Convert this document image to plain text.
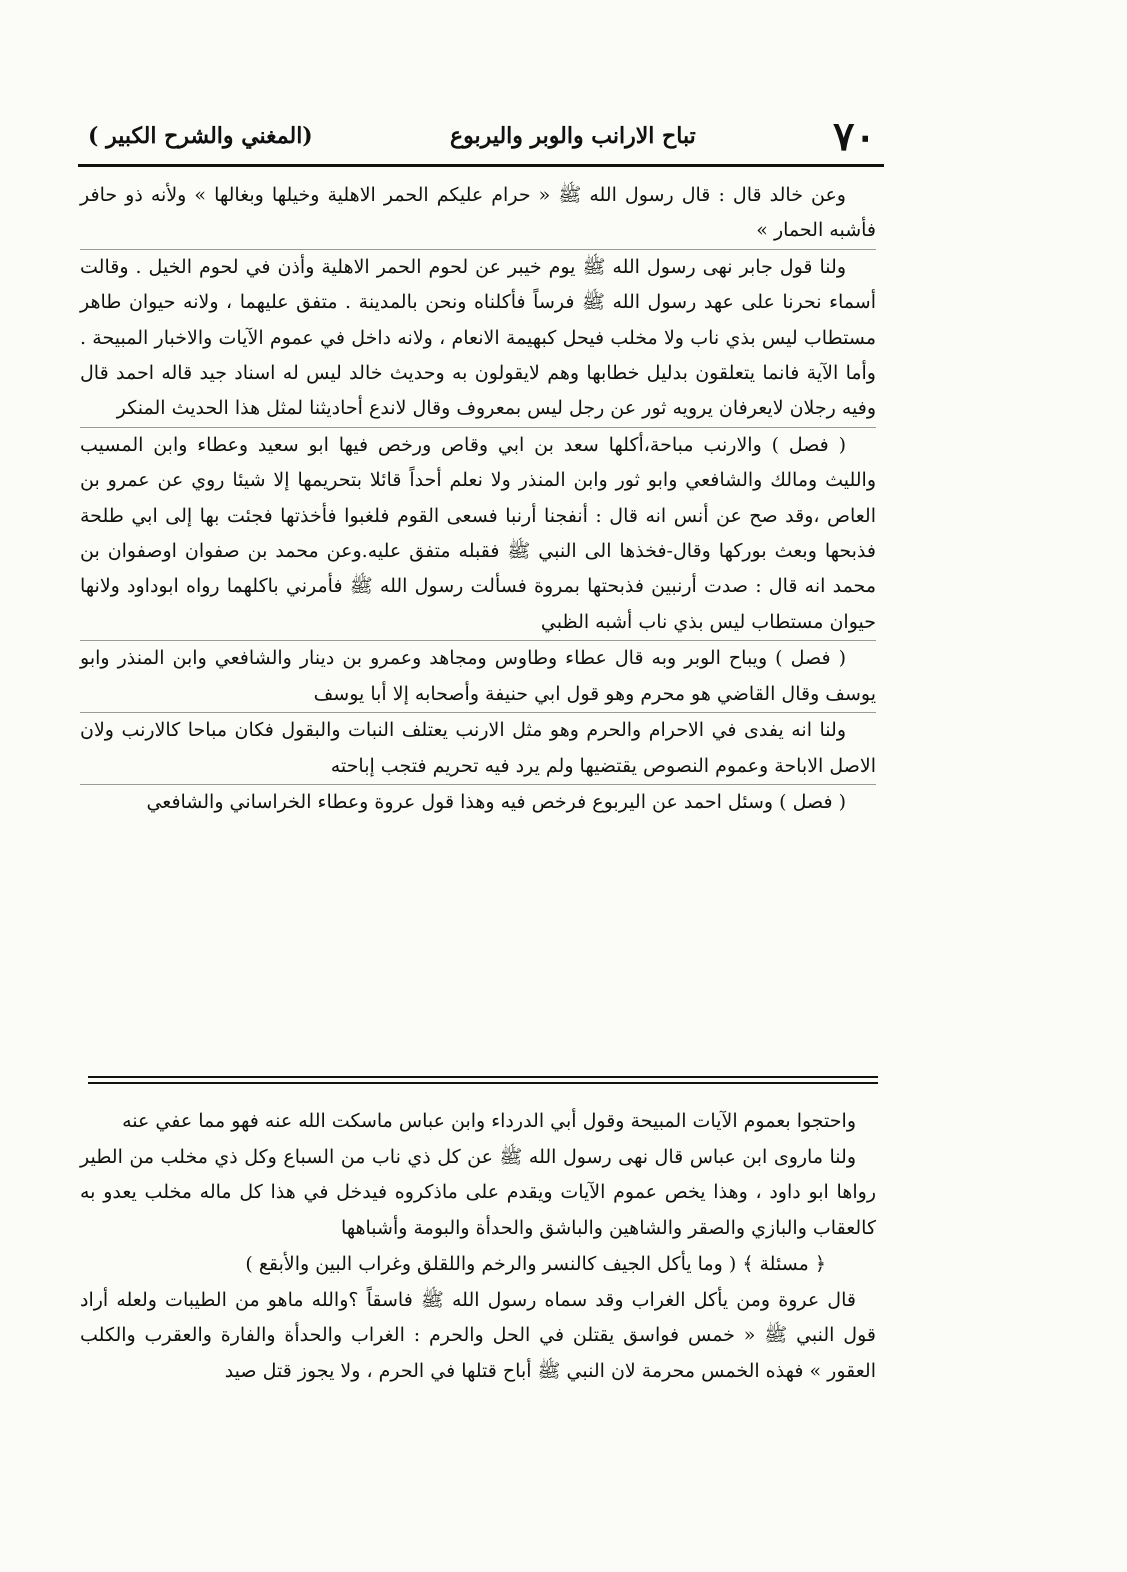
٧٠
تباح الارانب والوبر واليربوع
(المغني والشرح الكبير )

وعن خالد قال : قال رسول الله ﷺ « حرام عليكم الحمر الاهلية وخيلها وبغالها » ولأنه ذو حافر فأشبه الحمار »

ولنا قول جابر نهى رسول الله ﷺ يوم خيبر عن لحوم الحمر الاهلية وأذن في لحوم الخيل . وقالت أسماء نحرنا على عهد رسول الله ﷺ فرساً فأكلناه ونحن بالمدينة . متفق عليهما ، ولانه حيوان طاهر مستطاب ليس بذي ناب ولا مخلب فيحل كبهيمة الانعام ، ولانه داخل في عموم الآيات والاخبار المبيحة . وأما الآية فانما يتعلقون بدليل خطابها وهم لايقولون به وحديث خالد ليس له اسناد جيد قاله احمد قال وفيه رجلان لايعرفان يرويه ثور عن رجل ليس بمعروف وقال لاندع أحاديثنا لمثل هذا الحديث المنكر

( فصل ) والارنب مباحة،أكلها سعد بن ابي وقاص ورخص فيها ابو سعيد وعطاء وابن المسيب والليث ومالك والشافعي وابو ثور وابن المنذر ولا نعلم أحداً قائلا بتحريمها إلا شيئا روي عن عمرو بن العاص ،وقد صح عن أنس انه قال : أنفجنا أرنبا فسعى القوم فلغبوا فأخذتها فجئت بها إلى ابي طلحة فذبحها وبعث بوركها وقال-فخذها الى النبي ﷺ فقبله متفق عليه.وعن محمد بن صفوان اوصفوان بن محمد انه قال : صدت أرنبين فذبحتها بمروة فسألت رسول الله ﷺ فأمرني باكلهما رواه ابوداود ولانها حيوان مستطاب ليس بذي ناب أشبه الظبي

( فصل ) ويباح الوبر وبه قال عطاء وطاوس ومجاهد وعمرو بن دينار والشافعي وابن المنذر وابو يوسف وقال القاضي هو محرم وهو قول ابي حنيفة وأصحابه إلا أبا يوسف

ولنا انه يفدى في الاحرام والحرم وهو مثل الارنب يعتلف النبات والبقول فكان مباحا كالارنب ولان الاصل الاباحة وعموم النصوص يقتضيها ولم يرد فيه تحريم فتجب إباحته

( فصل ) وسئل احمد عن اليربوع فرخص فيه وهذا قول عروة وعطاء الخراساني والشافعي

واحتجوا بعموم الآيات المبيحة وقول أبي الدرداء وابن عباس ماسكت الله عنه فهو مما عفي عنه

ولنا ماروى ابن عباس قال نهى رسول الله ﷺ عن كل ذي ناب من السباع وكل ذي مخلب من الطير رواها ابو داود ، وهذا يخص عموم الآيات ويقدم على ماذكروه فيدخل في هذا كل ماله مخلب يعدو به كالعقاب والبازي والصقر والشاهين والباشق والحدأة والبومة وأشباهها

﴿ مسئلة ﴾ ( وما يأكل الجيف كالنسر والرخم واللقلق وغراب البين والأبقع )

قال عروة ومن يأكل الغراب وقد سماه رسول الله ﷺ فاسقاً ؟والله ماهو من الطيبات ولعله أراد قول النبي ﷺ « خمس فواسق يقتلن في الحل والحرم : الغراب والحدأة والفارة والعقرب والكلب العقور » فهذه الخمس محرمة لان النبي ﷺ أباح قتلها في الحرم ، ولا يجوز قتل صيد
